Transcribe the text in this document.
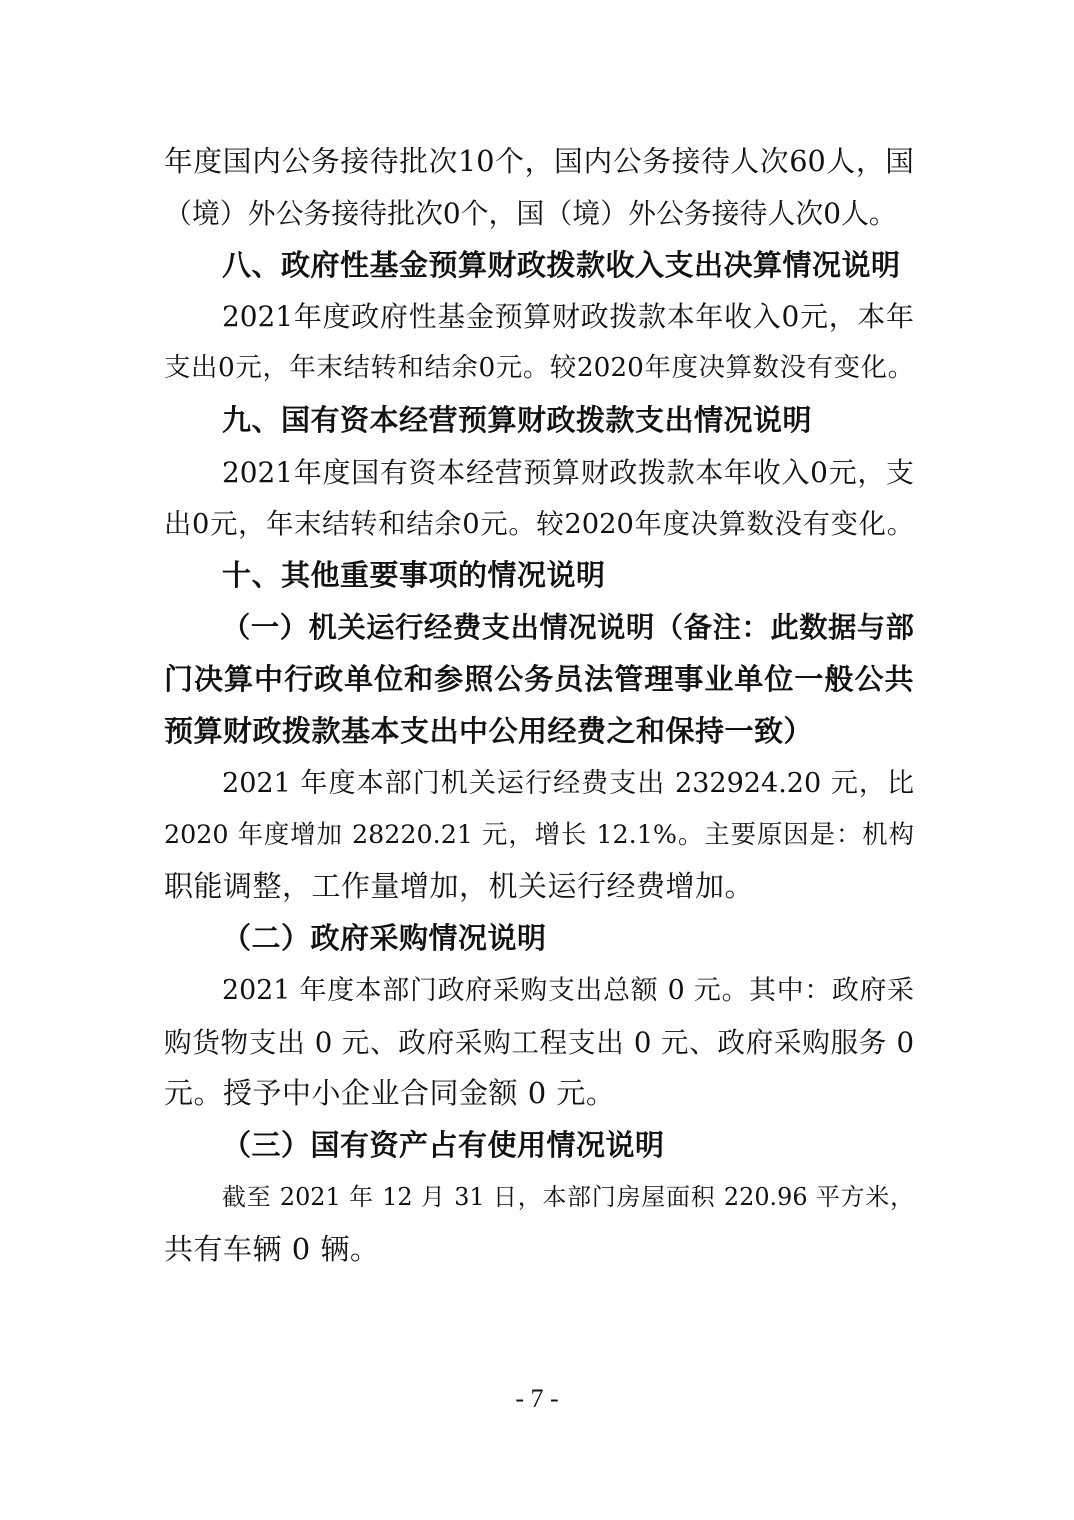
年度国内公务接待批次10个，国内公务接待人次60人，国
（境）外公务接待批次0个，国（境）外公务接待人次0人。
八、政府性基金预算财政拨款收入支出决算情况说明
2021年度政府性基金预算财政拨款本年收入0元，本年
支出0元，年末结转和结余0元。较2020年度决算数没有变化。
九、国有资本经营预算财政拨款支出情况说明
2021年度国有资本经营预算财政拨款本年收入0元，支
出0元，年末结转和结余0元。较2020年度决算数没有变化。
十、其他重要事项的情况说明
（一）机关运行经费支出情况说明（备注：此数据与部
门决算中行政单位和参照公务员法管理事业单位一般公共
预算财政拨款基本支出中公用经费之和保持一致）
2021 年度本部门机关运行经费支出 232924.20 元，比
2020 年度增加 28220.21 元，增长 12.1%。主要原因是：机构
职能调整，工作量增加，机关运行经费增加。
（二）政府采购情况说明
2021 年度本部门政府采购支出总额 0 元。其中：政府采
购货物支出 0 元、政府采购工程支出 0 元、政府采购服务 0
元。授予中小企业合同金额 0 元。
（三）国有资产占有使用情况说明
截至 2021 年 12 月 31 日，本部门房屋面积 220.96 平方米，
共有车辆 0 辆。
- 7 -
